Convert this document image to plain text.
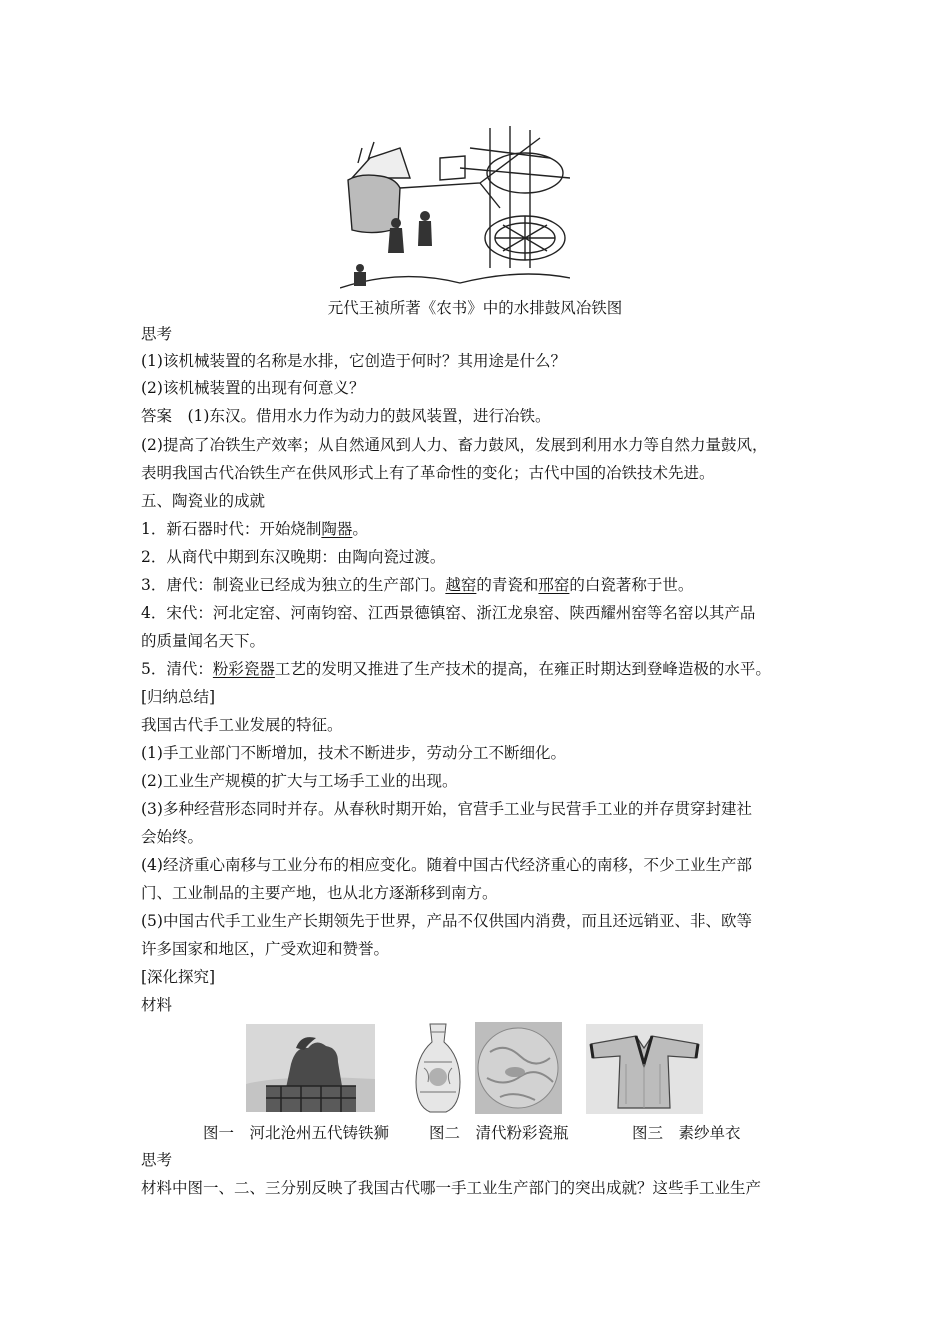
元代王祯所著《农书》中的水排鼓风冶铁图
思考
(1)该机械装置的名称是水排，它创造于何时？其用途是什么？
(2)该机械装置的出现有何意义？
答案　(1)东汉。借用水力作为动力的鼓风装置，进行冶铁。
(2)提高了冶铁生产效率；从自然通风到人力、畜力鼓风，发展到利用水力等自然力量鼓风，
表明我国古代冶铁生产在供风形式上有了革命性的变化；古代中国的冶铁技术先进。
五、陶瓷业的成就
1．新石器时代：开始烧制陶器。
2．从商代中期到东汉晚期：由陶向瓷过渡。
3．唐代：制瓷业已经成为独立的生产部门。越窑的青瓷和邢窑的白瓷著称于世。
4．宋代：河北定窑、河南钧窑、江西景德镇窑、浙江龙泉窑、陕西耀州窑等名窑以其产品
的质量闻名天下。
5．清代：粉彩瓷器工艺的发明又推进了生产技术的提高，在雍正时期达到登峰造极的水平。
[归纳总结]
我国古代手工业发展的特征。
(1)手工业部门不断增加，技术不断进步，劳动分工不断细化。
(2)工业生产规模的扩大与工场手工业的出现。
(3)多种经营形态同时并存。从春秋时期开始，官营手工业与民营手工业的并存贯穿封建社
会始终。
(4)经济重心南移与工业分布的相应变化。随着中国古代经济重心的南移，不少工业生产部
门、工业制品的主要产地，也从北方逐渐移到南方。
(5)中国古代手工业生产长期领先于世界，产品不仅供国内消费，而且还远销亚、非、欧等
许多国家和地区，广受欢迎和赞誉。
[深化探究]
材料
图一　河北沧州五代铸铁狮	图二　清代粉彩瓷瓶	图三　素纱单衣
思考
材料中图一、二、三分别反映了我国古代哪一手工业生产部门的突出成就？这些手工业生产
